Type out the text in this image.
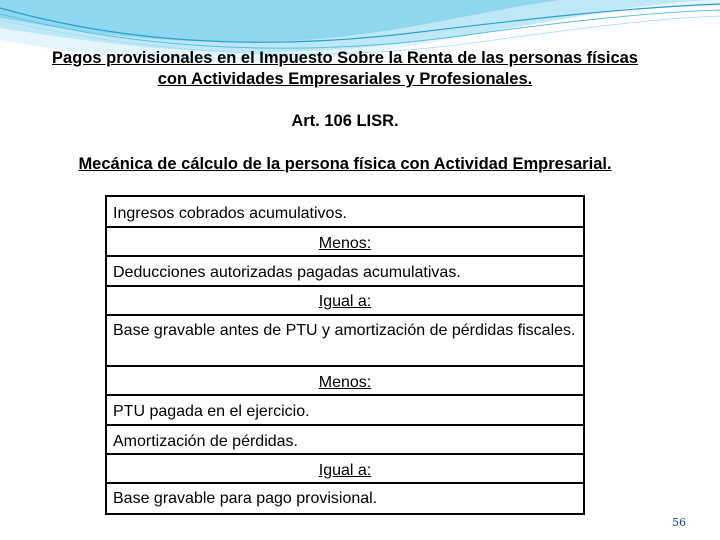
Pagos provisionales en el Impuesto Sobre la Renta de las personas físicas con Actividades Empresariales y Profesionales.
Art. 106 LISR.
Mecánica de cálculo de la persona física con Actividad Empresarial.
Ingresos cobrados acumulativos.
Menos:
Deducciones autorizadas pagadas acumulativas.
Igual a:
Base gravable antes de PTU y amortización de pérdidas fiscales.
Menos:
PTU pagada en el ejercicio.
Amortización de pérdidas.
Igual a:
Base gravable para pago provisional.
56
